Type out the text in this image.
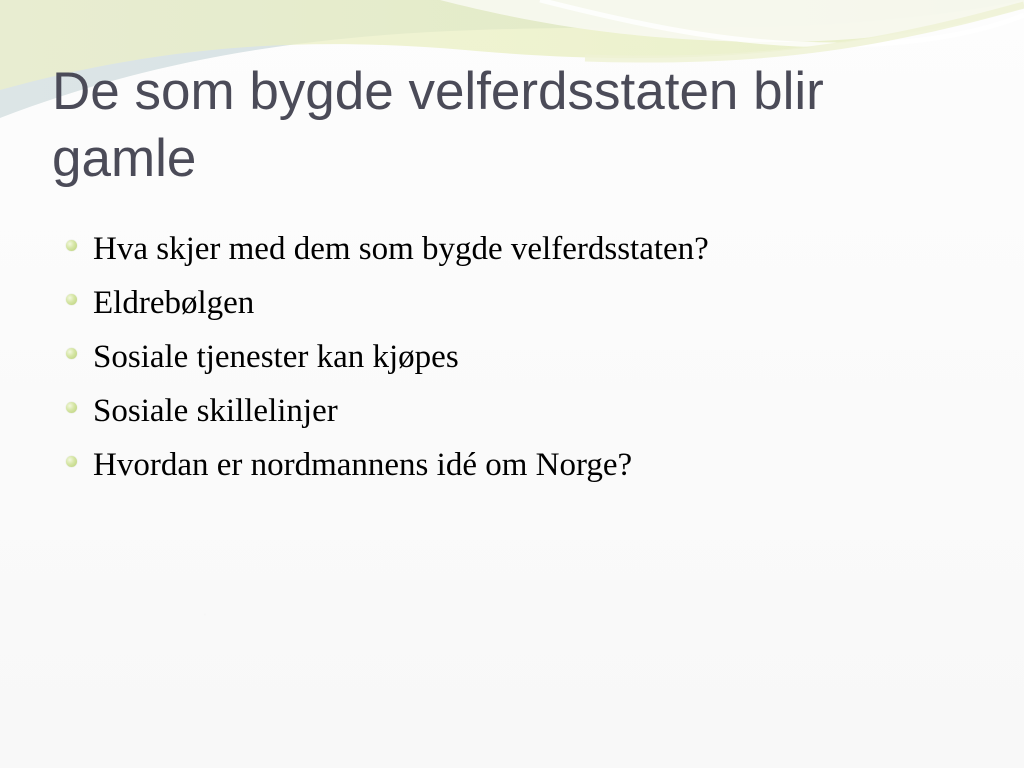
De som bygde velferdsstaten blir gamle
Hva skjer med dem som bygde velferdsstaten?
Eldrebølgen
Sosiale tjenester kan kjøpes
Sosiale skillelinjer
Hvordan er nordmannens idé om Norge?
